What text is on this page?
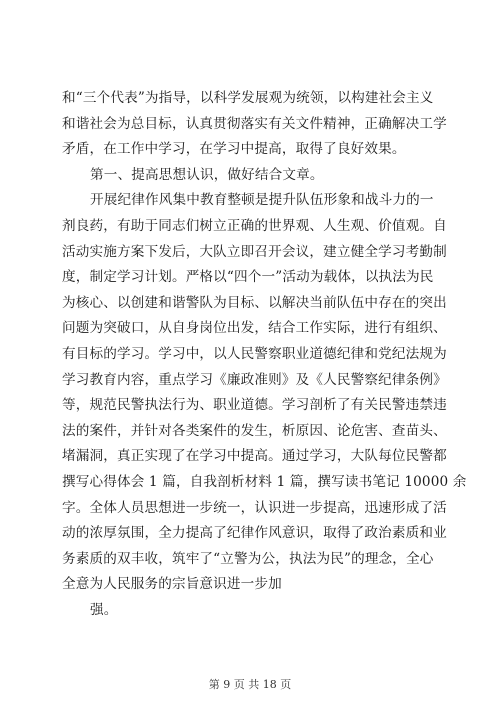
和“三个代表”为指导，以科学发展观为统领，以构建社会主义
和谐社会为总目标，认真贯彻落实有关文件精神，正确解决工学
矛盾，在工作中学习，在学习中提高，取得了良好效果。
第一、提高思想认识，做好结合文章。
开展纪律作风集中教育整顿是提升队伍形象和战斗力的一
剂良药，有助于同志们树立正确的世界观、人生观、价值观。自
活动实施方案下发后，大队立即召开会议，建立健全学习考勤制
度，制定学习计划。严格以“四个一”活动为载体，以执法为民
为核心、以创建和谐警队为目标、以解决当前队伍中存在的突出
问题为突破口，从自身岗位出发，结合工作实际，进行有组织、
有目标的学习。学习中，以人民警察职业道德纪律和党纪法规为
学习教育内容，重点学习《廉政准则》及《人民警察纪律条例》
等，规范民警执法行为、职业道德。学习剖析了有关民警违禁违
法的案件，并针对各类案件的发生，析原因、论危害、查苗头、
堵漏洞，真正实现了在学习中提高。通过学习，大队每位民警都
撰写心得体会 1 篇，自我剖析材料 1 篇，撰写读书笔记 10000 余
字。全体人员思想进一步统一，认识进一步提高，迅速形成了活
动的浓厚氛围，全力提高了纪律作风意识，取得了政治素质和业
务素质的双丰收，筑牢了“立警为公，执法为民”的理念，全心
全意为人民服务的宗旨意识进一步加
强。
第 9 页 共 18 页
